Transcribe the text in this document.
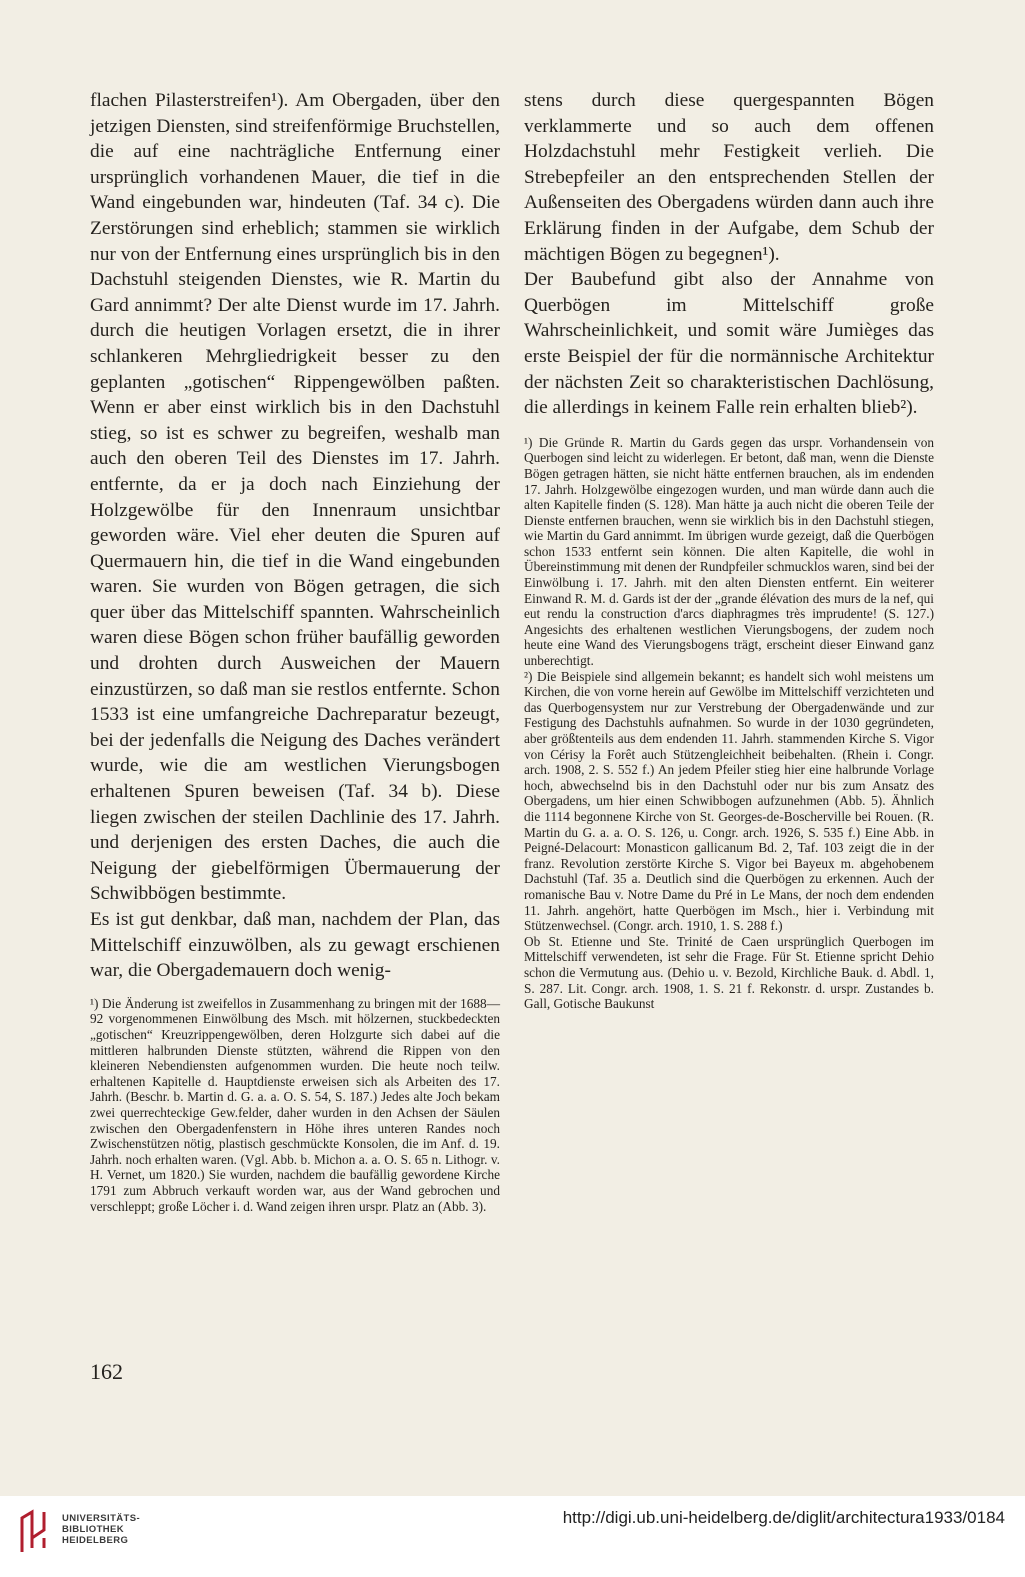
flachen Pilasterstreifen¹). Am Obergaden, über den jetzigen Diensten, sind streifenförmige Bruchstellen, die auf eine nachträgliche Entfernung einer ursprünglich vorhandenen Mauer, die tief in die Wand eingebunden war, hindeuten (Taf. 34 c). Die Zerstörungen sind erheblich; stammen sie wirklich nur von der Entfernung eines ursprünglich bis in den Dachstuhl steigenden Dienstes, wie R. Martin du Gard annimmt? Der alte Dienst wurde im 17. Jahrh. durch die heutigen Vorlagen ersetzt, die in ihrer schlankeren Mehrgliedrigkeit besser zu den geplanten „gotischen“ Rippengewölben paßten. Wenn er aber einst wirklich bis in den Dachstuhl stieg, so ist es schwer zu begreifen, weshalb man auch den oberen Teil des Dienstes im 17. Jahrh. entfernte, da er ja doch nach Einziehung der Holzgewölbe für den Innenraum unsichtbar geworden wäre. Viel eher deuten die Spuren auf Quermauern hin, die tief in die Wand eingebunden waren. Sie wurden von Bögen getragen, die sich quer über das Mittelschiff spannten. Wahrscheinlich waren diese Bögen schon früher baufällig geworden und drohten durch Ausweichen der Mauern einzustürzen, so daß man sie restlos entfernte. Schon 1533 ist eine umfangreiche Dachreparatur bezeugt, bei der jedenfalls die Neigung des Daches verändert wurde, wie die am westlichen Vierungsbogen erhaltenen Spuren beweisen (Taf. 34 b). Diese liegen zwischen der steilen Dachlinie des 17. Jahrh. und derjenigen des ersten Daches, die auch die Neigung der giebelförmigen Übermauerung der Schwibbögen bestimmte.

Es ist gut denkbar, daß man, nachdem der Plan, das Mittelschiff einzuwölben, als zu gewagt erschienen war, die Obergademauern doch wenig-

¹) Die Änderung ist zweifellos in Zusammenhang zu bringen mit der 1688—92 vorgenommenen Einwölbung des Msch. mit hölzernen, stuckbedeckten „gotischen“ Kreuzrippengewölben, deren Holzgurte sich dabei auf die mittleren halbrunden Dienste stützten, während die Rippen von den kleineren Nebendiensten aufgenommen wurden. Die heute noch teilw. erhaltenen Kapitelle d. Hauptdienste erweisen sich als Arbeiten des 17. Jahrh. (Beschr. b. Martin d. G. a. a. O. S. 54, S. 187.) Jedes alte Joch bekam zwei querrechteckige Gew.felder, daher wurden in den Achsen der Säulen zwischen den Obergadenfenstern in Höhe ihres unteren Randes noch Zwischenstützen nötig, plastisch geschmückte Konsolen, die im Anf. d. 19. Jahrh. noch erhalten waren. (Vgl. Abb. b. Michon a. a. O. S. 65 n. Lithogr. v. H. Vernet, um 1820.) Sie wurden, nachdem die baufällig gewordene Kirche 1791 zum Abbruch verkauft worden war, aus der Wand gebrochen und verschleppt; große Löcher i. d. Wand zeigen ihren urspr. Platz an (Abb. 3).

stens durch diese quergespannten Bögen verklammerte und so auch dem offenen Holzdachstuhl mehr Festigkeit verlieh. Die Strebepfeiler an den entsprechenden Stellen der Außenseiten des Obergadens würden dann auch ihre Erklärung finden in der Aufgabe, dem Schub der mächtigen Bögen zu begegnen¹).

Der Baubefund gibt also der Annahme von Querbögen im Mittelschiff große Wahrscheinlichkeit, und somit wäre Jumièges das erste Beispiel der für die normännische Architektur der nächsten Zeit so charakteristischen Dachlösung, die allerdings in keinem Falle rein erhalten blieb²).

¹) Die Gründe R. Martin du Gards gegen das urspr. Vorhandensein von Querbogen sind leicht zu widerlegen. Er betont, daß man, wenn die Dienste Bögen getragen hätten, sie nicht hätte entfernen brauchen, als im endenden 17. Jahrh. Holzgewölbe eingezogen wurden, und man würde dann auch die alten Kapitelle finden (S. 128). Man hätte ja auch nicht die oberen Teile der Dienste entfernen brauchen, wenn sie wirklich bis in den Dachstuhl stiegen, wie Martin du Gard annimmt. Im übrigen wurde gezeigt, daß die Querbögen schon 1533 entfernt sein können. Die alten Kapitelle, die wohl in Übereinstimmung mit denen der Rundpfeiler schmucklos waren, sind bei der Einwölbung i. 17. Jahrh. mit den alten Diensten entfernt. Ein weiterer Einwand R. M. d. Gards ist der der „grande élévation des murs de la nef, qui eut rendu la construction d'arcs diaphragmes très imprudente! (S. 127.) Angesichts des erhaltenen westlichen Vierungsbogens, der zudem noch heute eine Wand des Vierungsbogens trägt, erscheint dieser Einwand ganz unberechtigt.

²) Die Beispiele sind allgemein bekannt; es handelt sich wohl meistens um Kirchen, die von vorne herein auf Gewölbe im Mittelschiff verzichteten und das Querbogensystem nur zur Verstrebung der Obergadenwände und zur Festigung des Dachstuhls aufnahmen. So wurde in der 1030 gegründeten, aber größtenteils aus dem endenden 11. Jahrh. stammenden Kirche S. Vigor von Cérisy la Forêt auch Stützengleichheit beibehalten. (Rhein i. Congr. arch. 1908, 2. S. 552 f.) An jedem Pfeiler stieg hier eine halbrunde Vorlage hoch, abwechselnd bis in den Dachstuhl oder nur bis zum Ansatz des Obergadens, um hier einen Schwibbogen aufzunehmen (Abb. 5). Ähnlich die 1114 begonnene Kirche von St. Georges-de-Boscherville bei Rouen. (R. Martin du G. a. a. O. S. 126, u. Congr. arch. 1926, S. 535 f.) Eine Abb. in Peigné-Delacourt: Monasticon gallicanum Bd. 2, Taf. 103 zeigt die in der franz. Revolution zerstörte Kirche S. Vigor bei Bayeux m. abgehobenem Dachstuhl (Taf. 35 a. Deutlich sind die Querbögen zu erkennen. Auch der romanische Bau v. Notre Dame du Pré in Le Mans, der noch dem endenden 11. Jahrh. angehört, hatte Querbögen im Msch., hier i. Verbindung mit Stützenwechsel. (Congr. arch. 1910, 1. S. 288 f.)

Ob St. Etienne und Ste. Trinité de Caen ursprünglich Querbogen im Mittelschiff verwendeten, ist sehr die Frage. Für St. Etienne spricht Dehio schon die Vermutung aus. (Dehio u. v. Bezold, Kirchliche Bauk. d. Abdl. 1, S. 287. Lit. Congr. arch. 1908, 1. S. 21 f. Rekonstr. d. urspr. Zustandes b. Gall, Gotische Baukunst

162
UNIVERSITÄTS-
BIBLIOTHEK
HEIDELBERG
http://digi.ub.uni-heidelberg.de/diglit/architectura1933/0184
